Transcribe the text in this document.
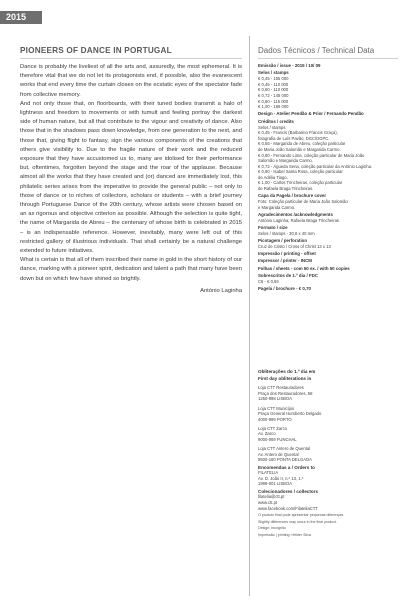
2015
PIONEERS OF DANCE IN PORTUGAL

Dance is probably the liveliest of all the arts and, assuredly, the most ephemeral. It is therefore vital that we do not let its protagonists end, if possible, also the evanescent works that end every time the curtain closes on the ecstatic eyes of the spectator fade from collective memory.

And not only those that, on floorboards, with their tuned bodies transmit a halo of lightness and freedom to movements or with tumult and feeling portray the darkest side of human nature, but all that contribute to the vigour and creativity of dance. Also those that in the shadows pass down knowledge, from one generation to the next, and those that, giving flight to fantasy, sign the various components of the creations that others give visibility to. Due to the fragile nature of their work and the reduced exposure that they have accustomed us to, many are idolised for their performance but, oftentimes, forgotten beyond the stage and the roar of the applause. Because almost all the works that they have created and (or) danced are immediately lost, this philatelic series arises from the imperative to provide the general public – not only to those of dance or to niches of collectors, scholars or students – with a brief journey through Portuguese Dance of the 20th century, whose artists were chosen based on an as rigorous and objective criterion as possible. Although the selection is quite tight, the name of Margarida de Abreu – the centenary of whose birth is celebrated in 2015 – is an indispensable reference. However, inevitably, many were left out of this restricted gallery of illustrious individuals. That shall certainly be a natural challenge extended to future initiatives.

What is certain is that all of them inscribed their name in gold in the short history of our dance, marking with a pioneer spirit, dedication and talent a path that many have been down but on which few have shined so brightly.

António Laginha
Dados Técnicos / Technical Data
Emissão / issue - 2015 / 10/ 09
Selos / stamps
€ 0,45 - 155 000
€ 0,45 - 110 000
€ 0,60 - 110 000
€ 0,72 - 145 000
€ 0,80 - 115 000
€ 1,00 - 165 000
Design - Atelier Pendão & Prior / Fernando Pendão
Créditos / credits
Selos / stamps
€ 0,45 - Francis (Barbarino Francis Graça),
fotografia de Luís Pavão, DGC/DGPC.
€ 0,55 - Margarida de Abreu, coleção particular
de Maria João Salomão e Margarida Carmo.
€ 0,60 - Fernando Lima, coleção particular de Maria João
Salomão e Margarida Carmo.
€ 0,72 - Águeda Sena, coleção particular da António Laginha.
€ 0,80 - Isabel Santa Rosa, coleção particular
de Adélia Tiago.
€ 1,00 - Carlos Trincheiras, coleção particular
de Rafaela Braga Trincheiras.
Capa da Pagela / brochure cover
Foto: Coleção particular de Maria João Salomão
e Margarida Carmo.
Agradecimentos /acknowledgments
António Laginha, Rafaela Braga Trincheiras
Formato / size
Selos / stamps - 30,6 x 40 mm
Picotagem / perforation
Cruz de Cristo / Cross of Christ 13 x 13
Impressão / printing - offset
Impressor / printer - INCM
Folhas / sheets - com 50 ex. / with 50 copies
Sobrescritos de 1.º dia / FDC
C6 - € 0,56
Pagela / brochure - € 0,70
Obliterações do 1.º dia em
First day obliterations in
Loja CTT Restauradores
Praça dos Restauradores, 58
1250-998 LISBOA
Loja CTT Município
Praça General Humberto Delgado
4000-999 PORTO
Loja CTT Zarco
Av. Zarco
9000-069 FUNCHAL
Loja CTT Antero de Quental
Av. Antero de Quental
9500-160 PONTA DELGADA
Encomendas a / Orders to
FILATELIA
Av. D. João II, n.º 13, 1.º
1999-001 LISBOA
Colecionadores / collectors
filatelia@ctt.pt
www.ctt.pt
www.facebook.com/FilateliaCTT
O produto final pode apresentar pequenas diferenças.
Slightly differences may occur in the final product.
Design: Incógnito
Impressão | printing: Hélder Silva
